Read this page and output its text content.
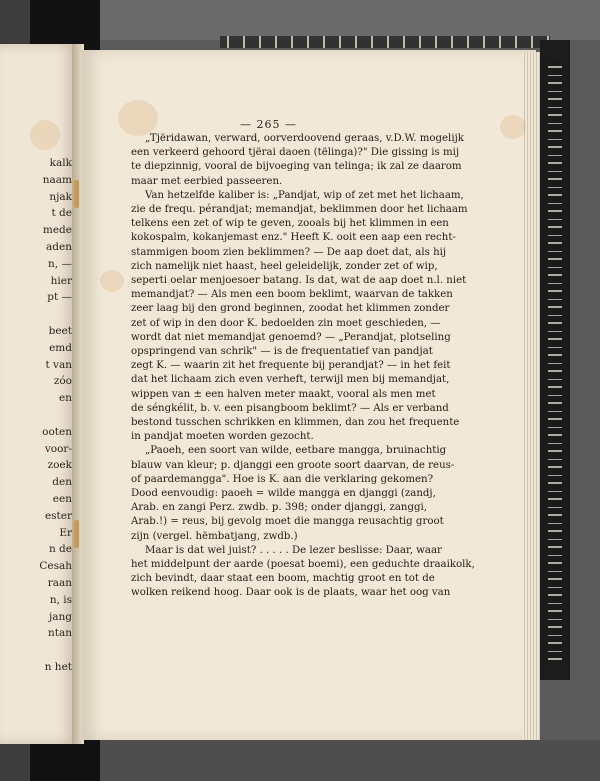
kalk
naam
njak
t de
mede
aden
n, —
hier
pt —
beet
emd
t van
zóo
en
ooten
voor-
zoek
den
een
ester
Er
n de
Cesah
raan
n, is
jang
ntan
n het
— 265 —
„Tjëridawan, verward, oorverdoovend geraas, v.D.W. mogelijk
een verkeerd gehoord tjërai daoen (tëlinga)?" Die gissing is mij
te diepzinnig, vooral de bijvoeging van telinga; ik zal ze daarom
maar met eerbied passeeren.
Van hetzelfde kaliber is: „Pandjat, wip of zet met het lichaam,
zie de frequ. pérandjat; memandjat, beklimmen door het lichaam
telkens een zet of wip te geven, zooals bij het klimmen in een
kokospalm, kokanjemast enz." Heeft K. ooit een aap een recht-
stammigen boom zien beklimmen? — De aap doet dat, als hij
zich namelijk niet haast, heel geleidelijk, zonder zet of wip,
seperti oelar menjoesoer batang. Is dat, wat de aap doet n.l. niet
memandjat? — Als men een boom beklimt, waarvan de takken
zeer laag bij den grond beginnen, zoodat het klimmen zonder
zet of wip in den door K. bedoelden zin moet geschieden, —
wordt dat niet memandjat genoemd? — „Perandjat, plotseling
opspringend van schrik" — is de frequentatief van pandjat
zegt K. — waarin zit het frequente bij perandjat? — in het feit
dat het lichaam zich even verheft, terwijl men bij memandjat,
wippen van ± een halven meter maakt, vooral als men met
de séngkélit, b. v. een pisangboom beklimt? — Als er verband
bestond tusschen schrikken en klimmen, dan zou het frequente
in pandjat moeten worden gezocht.
„Paoeh, een soort van wilde, eetbare mangga, bruinachtig
blauw van kleur; p. djanggi een groote soort daarvan, de reus-
of paardemangga". Hoe is K. aan die verklaring gekomen?
Dood eenvoudig: paoeh = wilde mangga en djanggi (zandj,
Arab. en zangi Perz. zwdb. p. 398; onder djanggi, zanggi,
Arab.!) = reus, bij gevolg moet die mangga reusachtig groot
zijn (vergel. hëmbatjang, zwdb.)
Maar is dat wel juist? . . . . . De lezer beslisse: Daar, waar
het middelpunt der aarde (poesat boemi), een geduchte draaikolk,
zich bevindt, daar staat een boom, machtig groot en tot de
wolken reikend hoog. Daar ook is de plaats, waar het oog van
